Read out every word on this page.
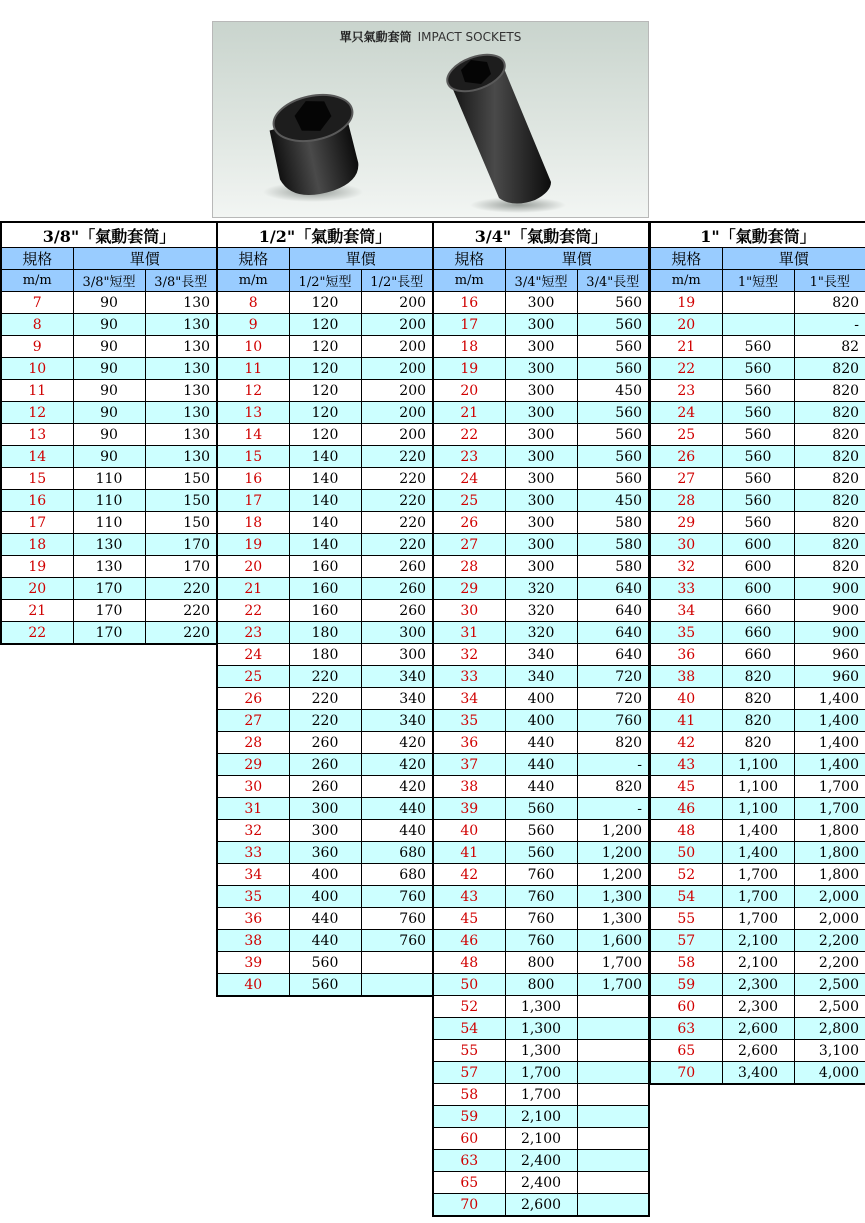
單只氣動套筒 IMPACT SOCKETS
3/8"「氣動套筒」		
規格	單價	
m/m	3/8"短型	3/8"長型
7	90	130
8	90	130
9	90	130
10	90	130
11	90	130
12	90	130
13	90	130
14	90	130
15	110	150
16	110	150
17	110	150
18	130	170
19	130	170
20	170	220
21	170	220
22	170	220
1/2"「氣動套筒」		
規格	單價	
m/m	1/2"短型	1/2"長型
8	120	200
9	120	200
10	120	200
11	120	200
12	120	200
13	120	200
14	120	200
15	140	220
16	140	220
17	140	220
18	140	220
19	140	220
20	160	260
21	160	260
22	160	260
23	180	300
24	180	300
25	220	340
26	220	340
27	220	340
28	260	420
29	260	420
30	260	420
31	300	440
32	300	440
33	360	680
34	400	680
35	400	760
36	440	760
38	440	760
39	560	
40	560	
3/4"「氣動套筒」		
規格	單價	
m/m	3/4"短型	3/4"長型
16	300	560
17	300	560
18	300	560
19	300	560
20	300	450
21	300	560
22	300	560
23	300	560
24	300	560
25	300	450
26	300	580
27	300	580
28	300	580
29	320	640
30	320	640
31	320	640
32	340	640
33	340	720
34	400	720
35	400	760
36	440	820
37	440	-
38	440	820
39	560	-
40	560	1,200
41	560	1,200
42	760	1,200
43	760	1,300
45	760	1,300
46	760	1,600
48	800	1,700
50	800	1,700
52	1,300	
54	1,300	
55	1,300	
57	1,700	
58	1,700	
59	2,100	
60	2,100	
63	2,400	
65	2,400	
70	2,600	
1"「氣動套筒」		
規格	單價	
m/m	1"短型	1"長型
19		820
20		-
21	560	82
22	560	820
23	560	820
24	560	820
25	560	820
26	560	820
27	560	820
28	560	820
29	560	820
30	600	820
32	600	820
33	600	900
34	660	900
35	660	900
36	660	960
38	820	960
40	820	1,400
41	820	1,400
42	820	1,400
43	1,100	1,400
45	1,100	1,700
46	1,100	1,700
48	1,400	1,800
50	1,400	1,800
52	1,700	1,800
54	1,700	2,000
55	1,700	2,000
57	2,100	2,200
58	2,100	2,200
59	2,300	2,500
60	2,300	2,500
63	2,600	2,800
65	2,600	3,100
70	3,400	4,000
